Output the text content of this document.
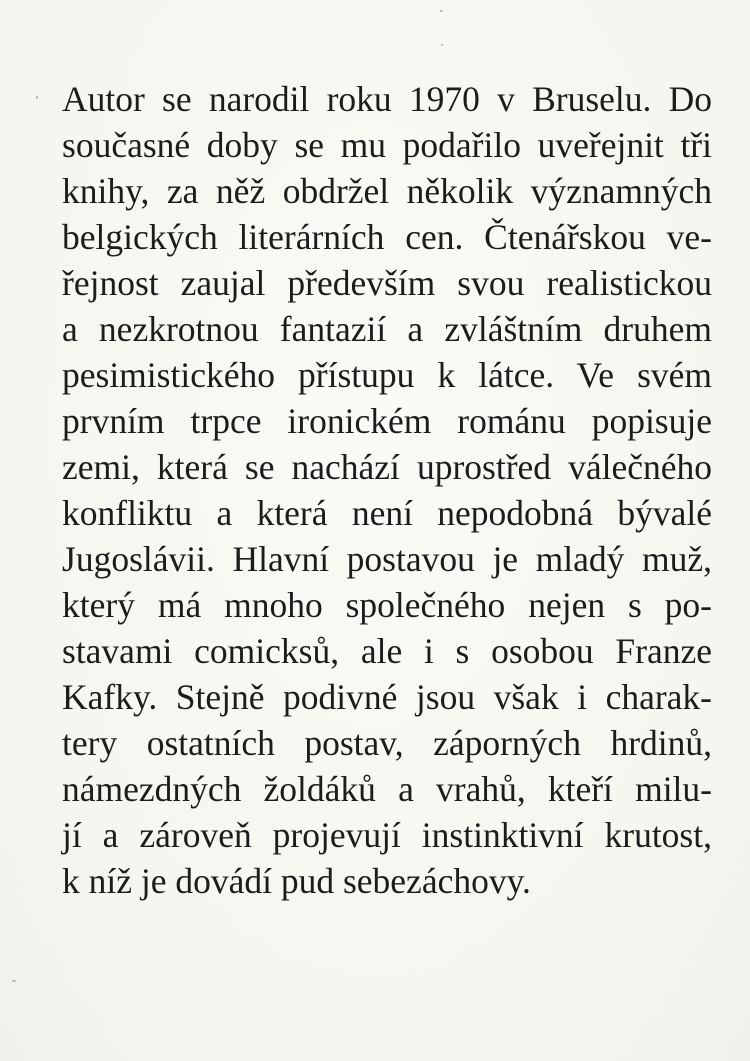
Autor se narodil roku 1970 v Bruselu. Do
současné doby se mu podařilo uveřejnit tři
knihy, za něž obdržel několik významných
belgických literárních cen. Čtenářskou ve-
řejnost zaujal především svou realistickou
a nezkrotnou fantazií a zvláštním druhem
pesimistického přístupu k látce. Ve svém
prvním trpce ironickém románu popisuje
zemi, která se nachází uprostřed válečného
konfliktu a která není nepodobná bývalé
Jugoslávii. Hlavní postavou je mladý muž,
který má mnoho společného nejen s po-
stavami comicksů, ale i s osobou Franze
Kafky. Stejně podivné jsou však i charak-
tery ostatních postav, záporných hrdinů,
námezdných žoldáků a vrahů, kteří milu-
jí a zároveň projevují instinktivní krutost,
k níž je dovádí pud sebezáchovy.
